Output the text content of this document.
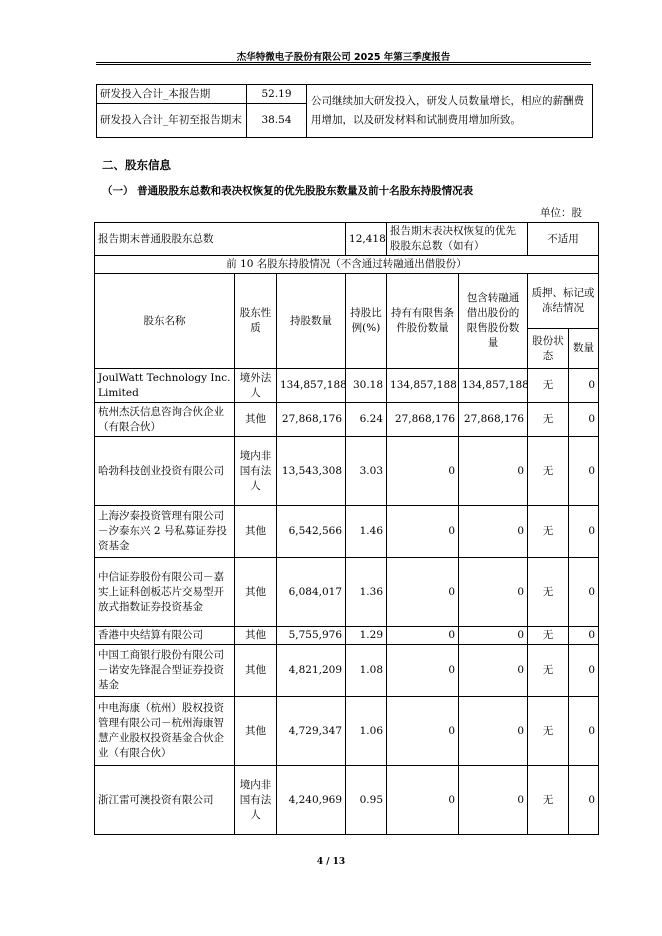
杰华特微电子股份有限公司 2025 年第三季度报告
研发投入合计_本报告期	52.19	公司继续加大研发投入，研发人员数量增长，相应的薪酬费用增加，以及研发材料和试制费用增加所致。
研发投入合计_年初至报告期末	38.54	
二、股东信息
（一） 普通股股东总数和表决权恢复的优先股股东数量及前十名股东持股情况表
单位：股
报告期末普通股股东总数			12,418	报告期末表决权恢复的优先股股东总数（如有）		不适用	
前 10 名股东持股情况（不含通过转融通出借股份）							
股东名称	股东性质	持股数量	持股比例(%)	持有有限售条件股份数量	包含转融通借出股份的限售股份数量	质押、标记或冻结情况	
						股份状态	数量
JoulWatt Technology Inc. Limited	境外法人	134,857,188	30.18	134,857,188	134,857,188	无	0
杭州杰沃信息咨询合伙企业（有限合伙）	其他	27,868,176	6.24	27,868,176	27,868,176	无	0
哈勃科技创业投资有限公司	境内非国有法人	13,543,308	3.03	0	0	无	0
上海汐泰投资管理有限公司－汐泰东兴 2 号私募证券投资基金	其他	6,542,566	1.46	0	0	无	0
中信证券股份有限公司－嘉实上证科创板芯片交易型开放式指数证券投资基金	其他	6,084,017	1.36	0	0	无	0
香港中央结算有限公司	其他	5,755,976	1.29	0	0	无	0
中国工商银行股份有限公司－诺安先锋混合型证券投资基金	其他	4,821,209	1.08	0	0	无	0
中电海康（杭州）股权投资管理有限公司－杭州海康智慧产业股权投资基金合伙企业（有限合伙）	其他	4,729,347	1.06	0	0	无	0
浙江雷可澳投资有限公司	境内非国有法人	4,240,969	0.95	0	0	无	0
4 / 13
